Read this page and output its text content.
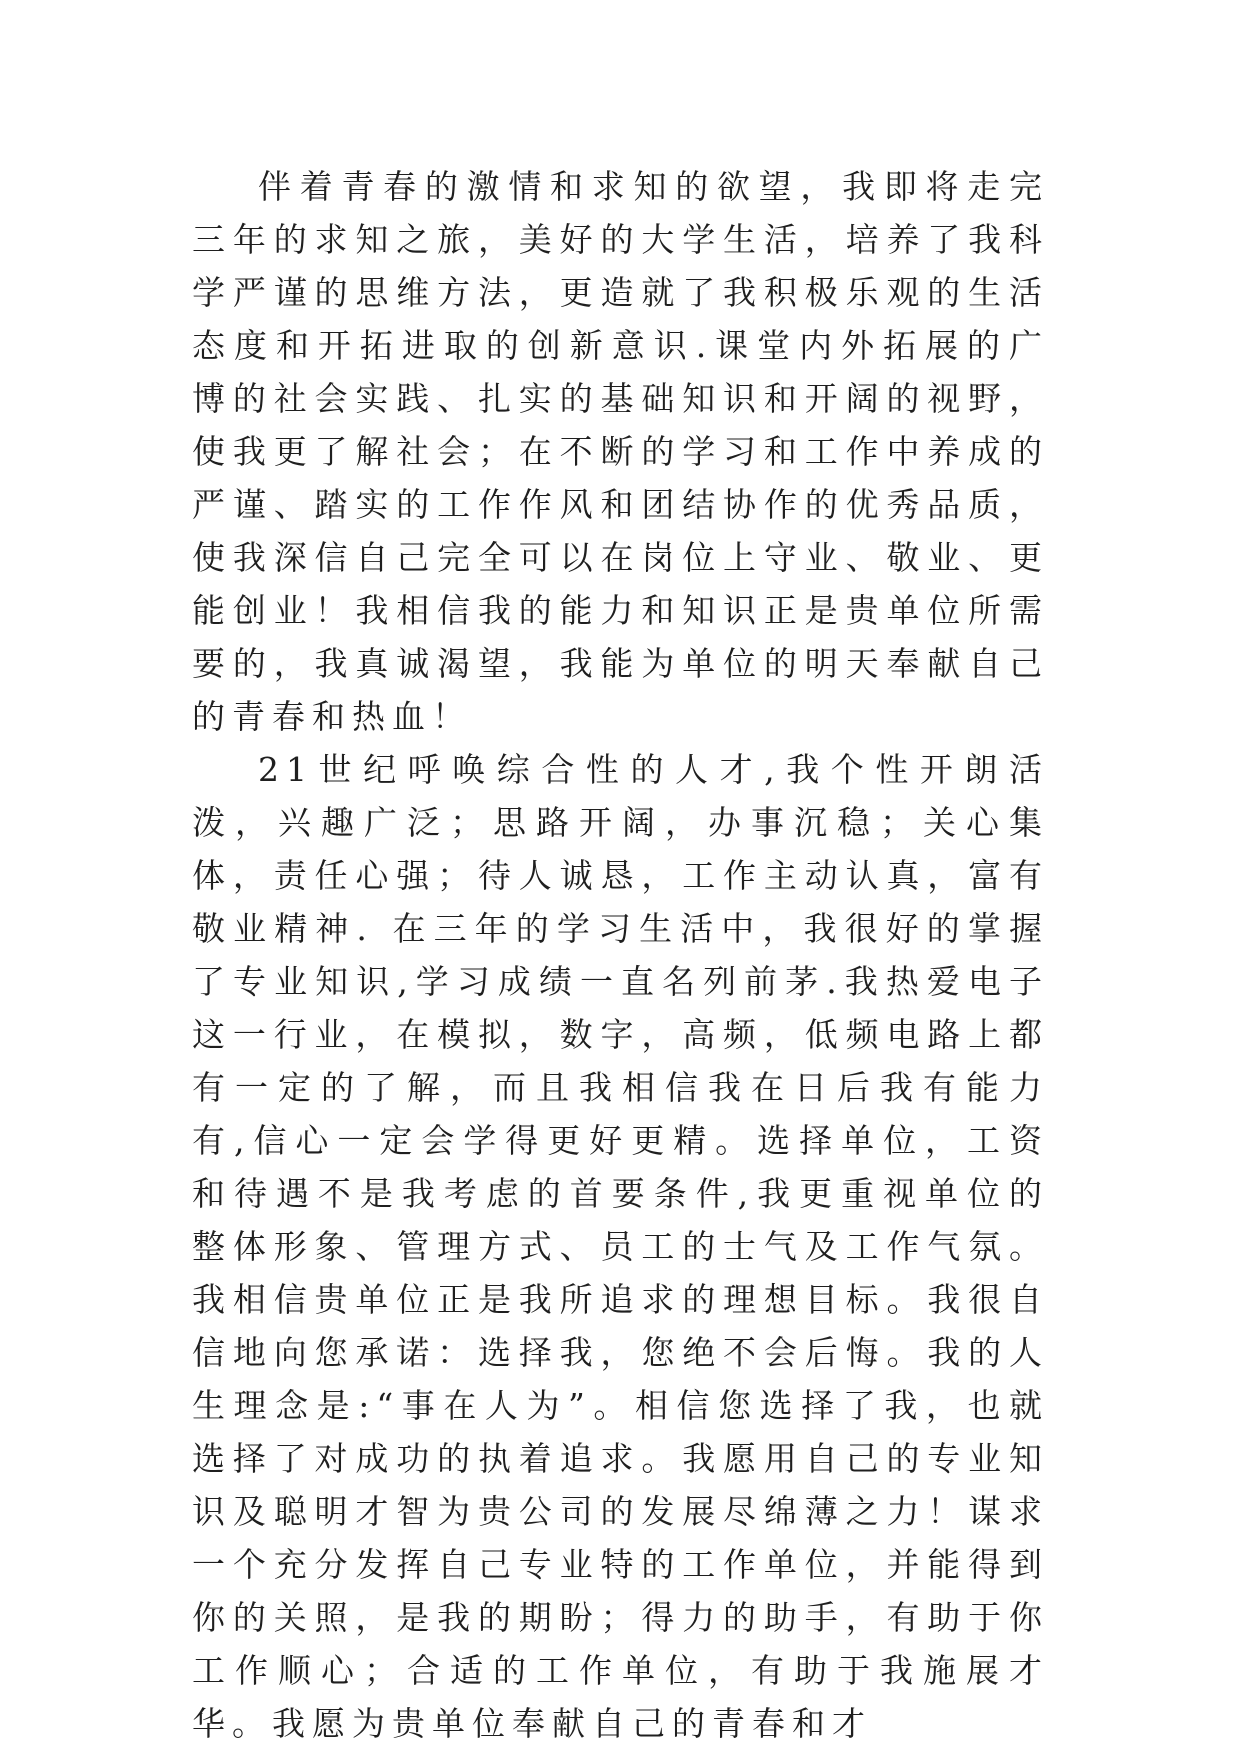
伴着青春的激情和求知的欲望，我即将走完三年的求知之旅，美好的大学生活，培养了我科学严谨的思维方法，更造就了我积极乐观的生活态度和开拓进取的创新意识.课堂内外拓展的广博的社会实践、扎实的基础知识和开阔的视野，使我更了解社会；在不断的学习和工作中养成的严谨、踏实的工作作风和团结协作的优秀品质，使我深信自己完全可以在岗位上守业、敬业、更能创业！我相信我的能力和知识正是贵单位所需要的，我真诚渴望，我能为单位的明天奉献自己的青春和热血！

21世纪呼唤综合性的人才,我个性开朗活泼，兴趣广泛；思路开阔，办事沉稳；关心集体，责任心强；待人诚恳，工作主动认真，富有敬业精神. 在三年的学习生活中，我很好的掌握了专业知识,学习成绩一直名列前茅.我热爱电子这一行业，在模拟，数字，高频，低频电路上都有一定的了解，而且我相信我在日后我有能力有,信心一定会学得更好更精。选择单位，工资和待遇不是我考虑的首要条件,我更重视单位的整体形象、管理方式、员工的士气及工作气氛。我相信贵单位正是我所追求的理想目标。我很自信地向您承诺：选择我，您绝不会后悔。我的人生理念是:“事在人为”。相信您选择了我，也就选择了对成功的执着追求。我愿用自己的专业知识及聪明才智为贵公司的发展尽绵薄之力！谋求一个充分发挥自己专业特的工作单位，并能得到你的关照，是我的期盼；得力的助手，有助于你工作顺心；合适的工作单位，有助于我施展才华。我愿为贵单位奉献自己的青春和才
